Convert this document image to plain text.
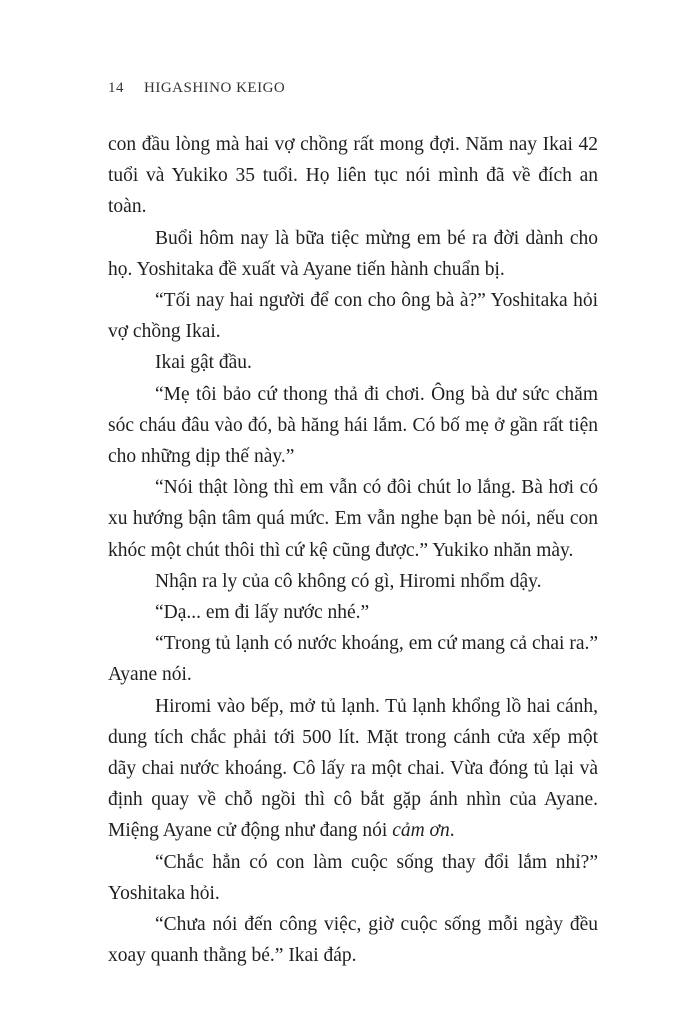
14 HIGASHINO KEIGO

con đầu lòng mà hai vợ chồng rất mong đợi. Năm nay Ikai 42 tuổi và Yukiko 35 tuổi. Họ liên tục nói mình đã về đích an toàn.

Buổi hôm nay là bữa tiệc mừng em bé ra đời dành cho họ. Yoshitaka đề xuất và Ayane tiến hành chuẩn bị.

“Tối nay hai người để con cho ông bà à?” Yoshitaka hỏi vợ chồng Ikai.

Ikai gật đầu.

“Mẹ tôi bảo cứ thong thả đi chơi. Ông bà dư sức chăm sóc cháu đâu vào đó, bà hăng hái lắm. Có bố mẹ ở gần rất tiện cho những dịp thế này.”

“Nói thật lòng thì em vẫn có đôi chút lo lắng. Bà hơi có xu hướng bận tâm quá mức. Em vẫn nghe bạn bè nói, nếu con khóc một chút thôi thì cứ kệ cũng được.” Yukiko nhăn mày.

Nhận ra ly của cô không có gì, Hiromi nhổm dậy.

“Dạ... em đi lấy nước nhé.”

“Trong tủ lạnh có nước khoáng, em cứ mang cả chai ra.” Ayane nói.

Hiromi vào bếp, mở tủ lạnh. Tủ lạnh khổng lồ hai cánh, dung tích chắc phải tới 500 lít. Mặt trong cánh cửa xếp một dãy chai nước khoáng. Cô lấy ra một chai. Vừa đóng tủ lại và định quay về chỗ ngồi thì cô bắt gặp ánh nhìn của Ayane. Miệng Ayane cử động như đang nói cảm ơn.

“Chắc hẳn có con làm cuộc sống thay đổi lắm nhỉ?” Yoshitaka hỏi.

“Chưa nói đến công việc, giờ cuộc sống mỗi ngày đều xoay quanh thằng bé.” Ikai đáp.
